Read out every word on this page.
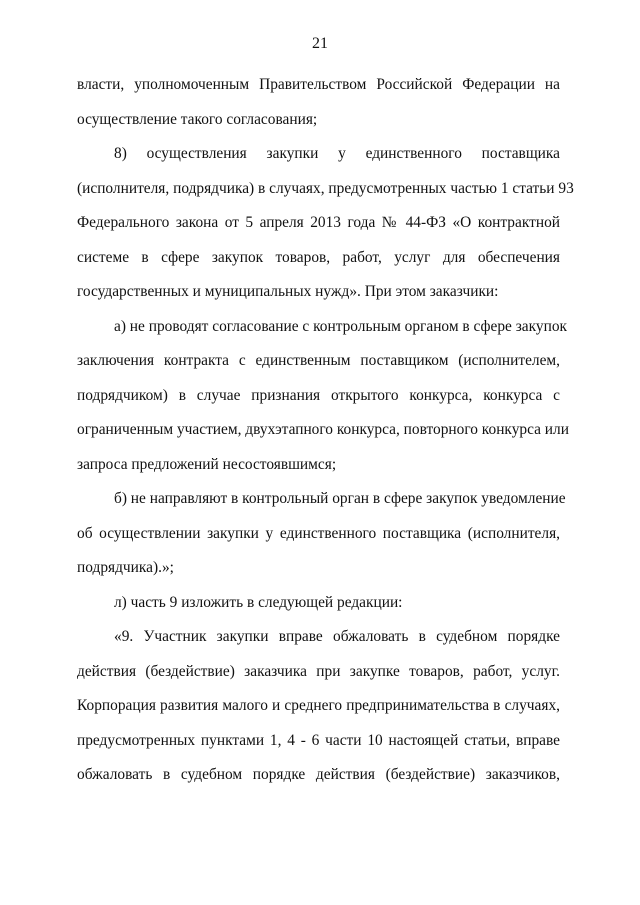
21
власти, уполномоченным Правительством Российской Федерации на
осуществление такого согласования;
8) осуществления закупки у единственного поставщика
(исполнителя, подрядчика) в случаях, предусмотренных частью 1 статьи 93
Федерального закона от 5 апреля 2013 года № 44-ФЗ «О контрактной
системе в сфере закупок товаров, работ, услуг для обеспечения
государственных и муниципальных нужд». При этом заказчики:
а) не проводят согласование с контрольным органом в сфере закупок
заключения контракта с единственным поставщиком (исполнителем,
подрядчиком) в случае признания открытого конкурса, конкурса с
ограниченным участием, двухэтапного конкурса, повторного конкурса или
запроса предложений несостоявшимся;
б) не направляют в контрольный орган в сфере закупок уведомление
об осуществлении закупки у единственного поставщика (исполнителя,
подрядчика).»;
л) часть 9 изложить в следующей редакции:
«9. Участник закупки вправе обжаловать в судебном порядке
действия (бездействие) заказчика при закупке товаров, работ, услуг.
Корпорация развития малого и среднего предпринимательства в случаях,
предусмотренных пунктами 1, 4 - 6 части 10 настоящей статьи, вправе
обжаловать в судебном порядке действия (бездействие) заказчиков,
